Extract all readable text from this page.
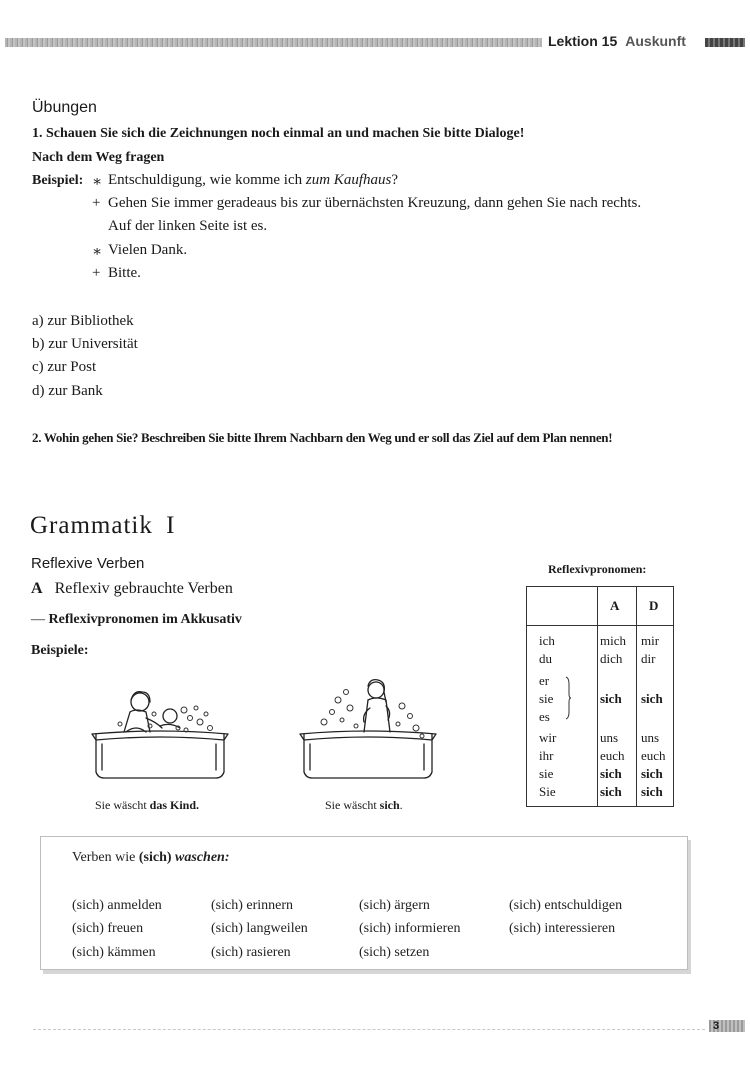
Lektion 15 Auskunft
Übungen
1. Schauen Sie sich die Zeichnungen noch einmal an und machen Sie bitte Dialoge!
Nach dem Weg fragen
Beispiel: ∗ Entschuldigung, wie komme ich zum Kaufhaus?
+ Gehen Sie immer geradeaus bis zur übernächsten Kreuzung, dann gehen Sie nach rechts.
Auf der linken Seite ist es.
∗ Vielen Dank.
+ Bitte.
a) zur Bibliothek
b) zur Universität
c) zur Post
d) zur Bank
2. Wohin gehen Sie? Beschreiben Sie bitte Ihrem Nachbarn den Weg und er soll das Ziel auf dem Plan nennen!
Grammatik I
Reflexive Verben
A Reflexiv gebrauchte Verben
— Reflexivpronomen im Akkusativ
Beispiele:
Sie wäscht das Kind.	Sie wäscht sich.
Reflexivpronomen:
A D
ich	mich mir
du	dich dir
er
sie	sich sich
es
wir	uns uns
ihr	euch euch
sie	sich sich
Sie	sich sich
Verben wie (sich) waschen:
(sich) anmelden	(sich) erinnern	(sich) ärgern	(sich) entschuldigen
(sich) freuen	(sich) langweilen	(sich) informieren	(sich) interessieren
(sich) kämmen	(sich) rasieren	(sich) setzen
3
